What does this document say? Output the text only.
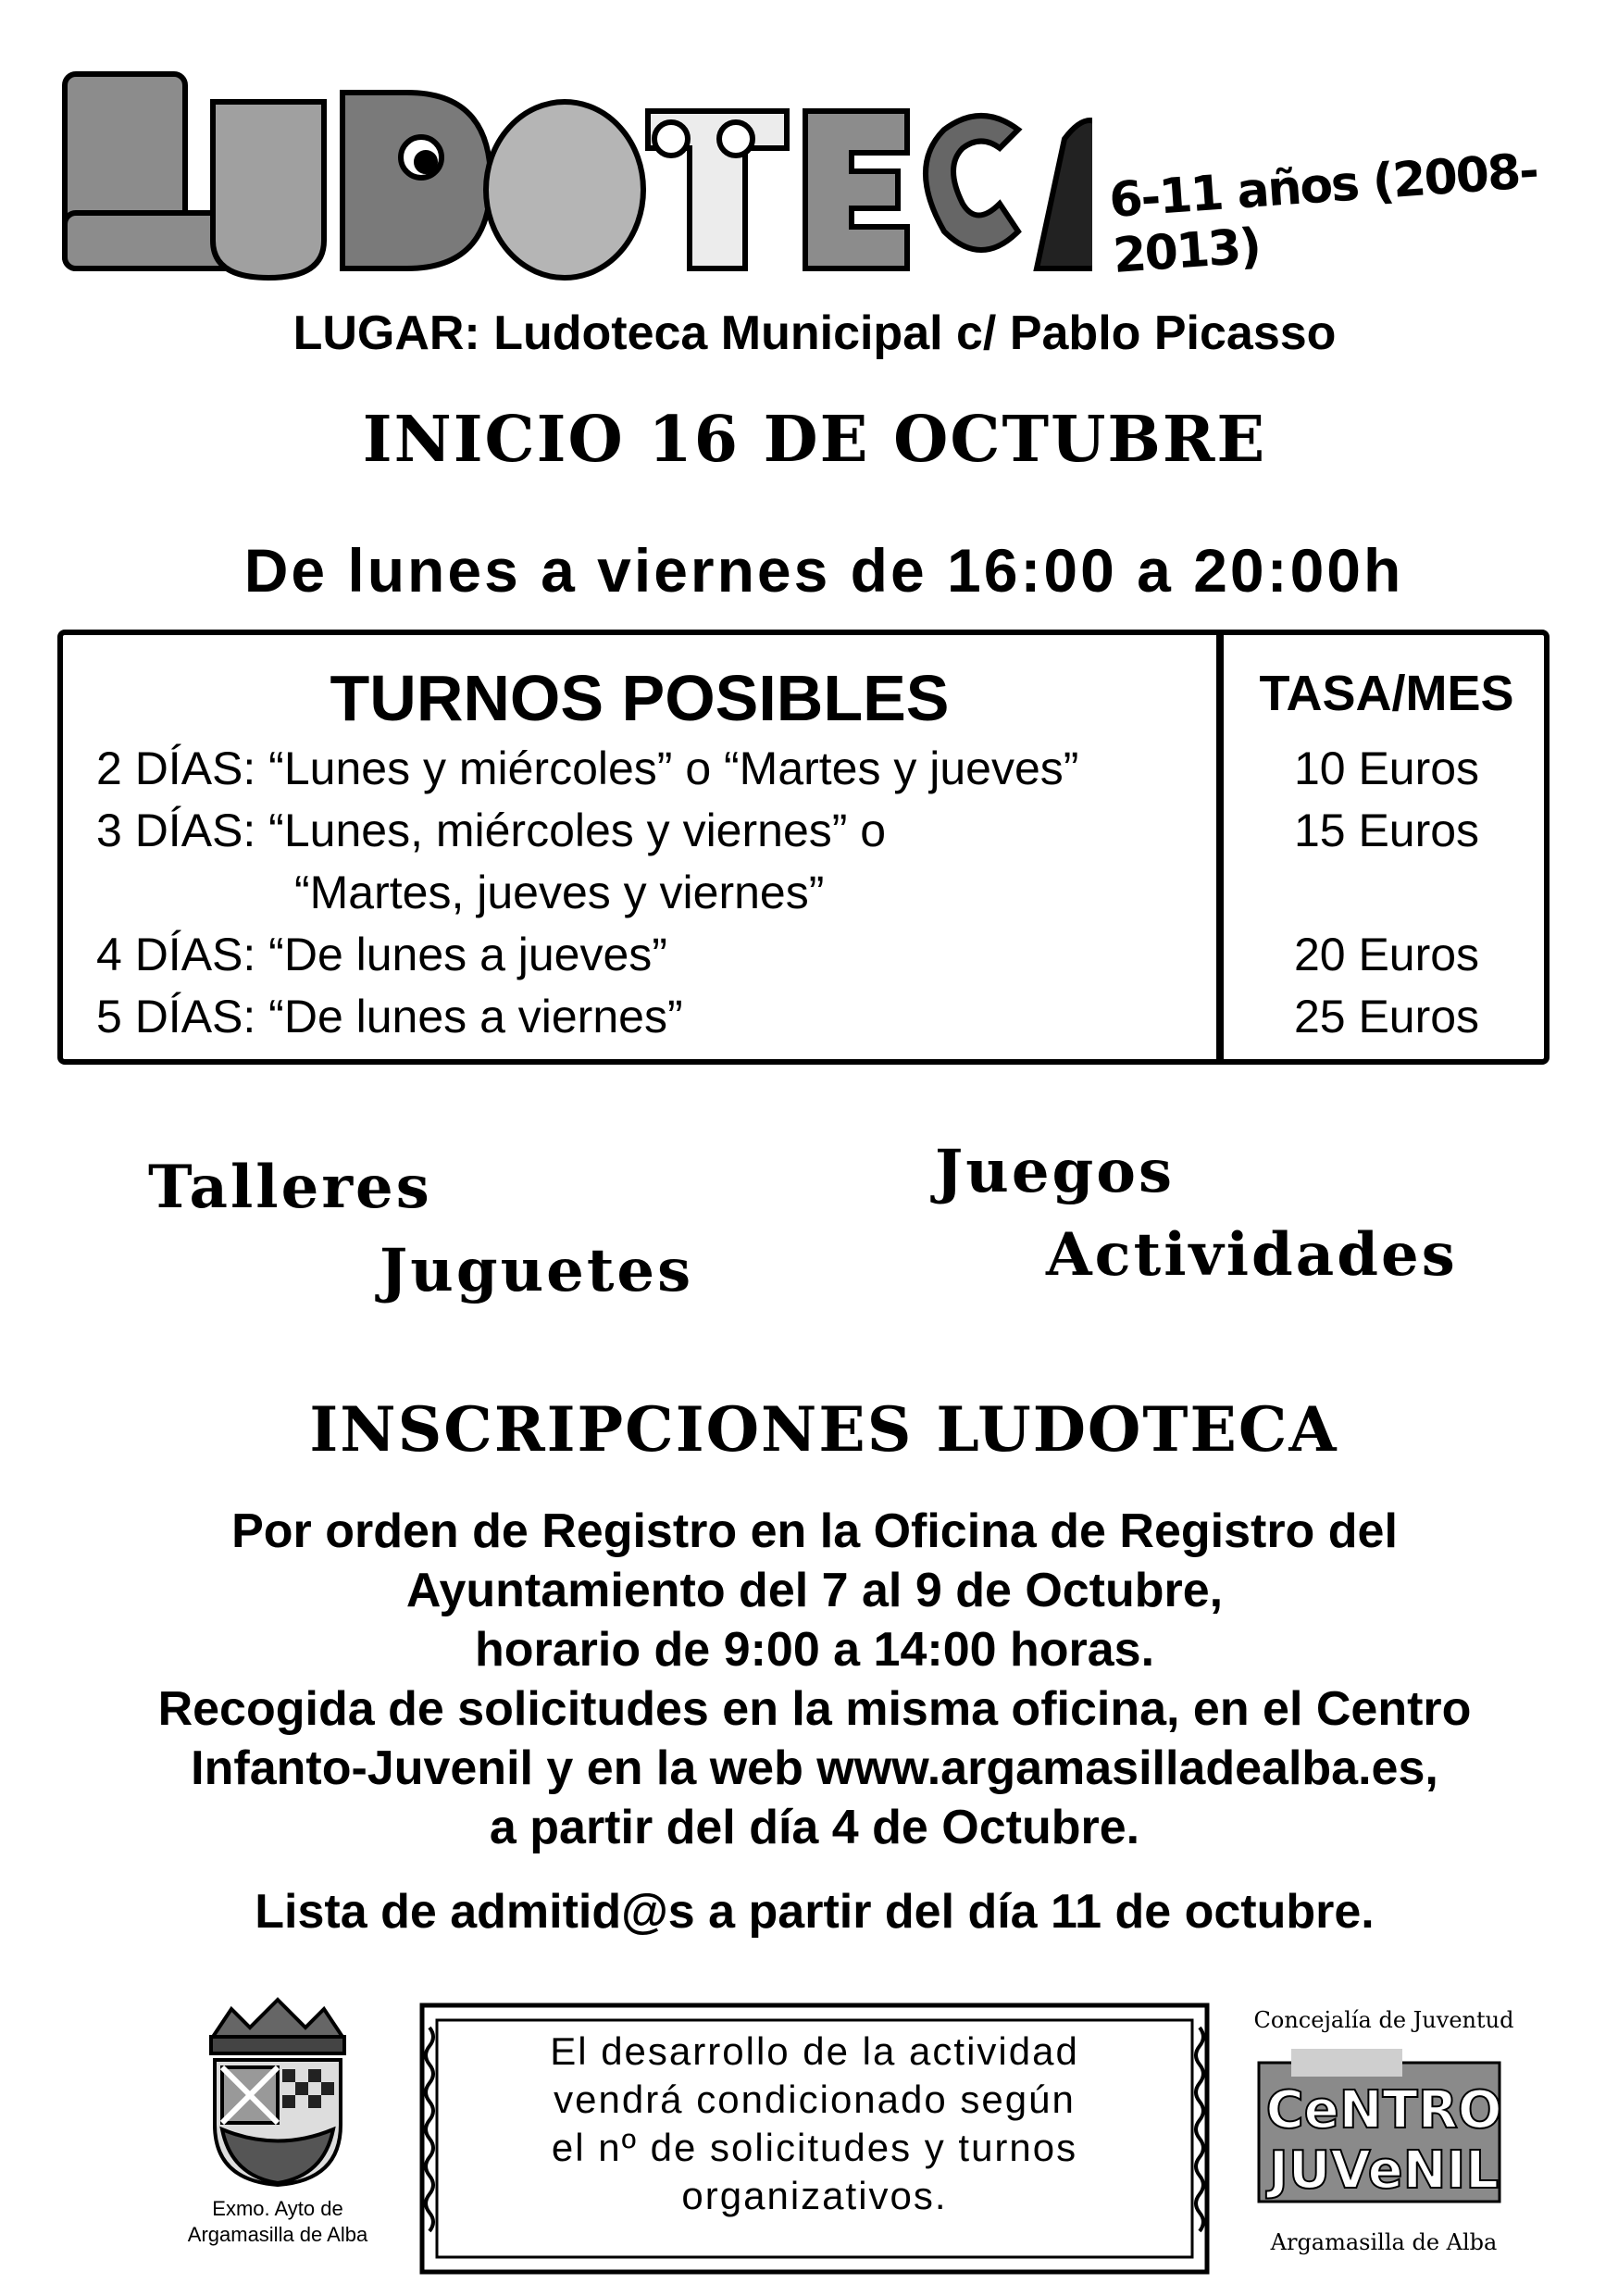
6-11 años (2008-2013)
LUGAR: Ludoteca Municipal c/ Pablo Picasso
INICIO 16 DE OCTUBRE
De lunes a viernes de 16:00 a 20:00h
TURNOS POSIBLES	TASA/MES
2 DÍAS: “Lunes y miércoles” o “Martes y jueves”
3 DÍAS: “Lunes, miércoles y viernes” o
“Martes, jueves y viernes”
4 DÍAS: “De lunes a jueves”
5 DÍAS: “De lunes a viernes”
10 Euros
15 Euros
20 Euros
25 Euros
Talleres
Juguetes
Juegos
Actividades
INSCRIPCIONES LUDOTECA
Por orden de Registro en la Oficina de Registro del
Ayuntamiento del 7 al 9 de Octubre,
horario de 9:00 a 14:00 horas.
Recogida de solicitudes en la misma oficina, en el Centro
Infanto-Juvenil y en la web www.argamasilladealba.es,
a partir del día 4 de Octubre.
Lista de admitid@s a partir del día 11 de octubre.
Exmo. Ayto de
Argamasilla de Alba
El desarrollo de la actividad
vendrá condicionado según
el nº de solicitudes y turnos
organizativos.
Concejalía de Juventud
CeNTRO
JUVeNIL
Argamasilla de Alba
